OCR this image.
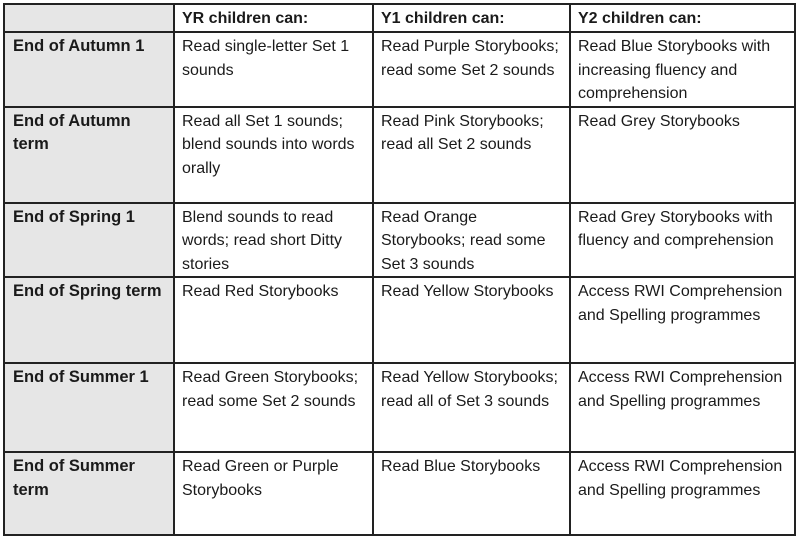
	YR children can:	Y1 children can:	Y2 children can:
End of Autumn 1	Read single-letter Set 1 sounds	Read Purple Storybooks; read some Set 2 sounds	Read Blue Storybooks with increasing fluency and comprehension
End of Autumn term	Read all Set 1 sounds; blend sounds into words orally	Read Pink Storybooks; read all Set 2 sounds	Read Grey Storybooks
End of Spring 1	Blend sounds to read words; read short Ditty stories	Read Orange Storybooks; read some Set 3 sounds	Read Grey Storybooks with fluency and comprehension
End of Spring term	Read Red Storybooks	Read Yellow Storybooks	Access RWI Comprehension and Spelling programmes
End of Summer 1	Read Green Storybooks; read some Set 2 sounds	Read Yellow Storybooks; read all of Set 3 sounds	Access RWI Comprehension and Spelling programmes
End of Summer term	Read Green or Purple Storybooks	Read Blue Storybooks	Access RWI Comprehension and Spelling programmes
